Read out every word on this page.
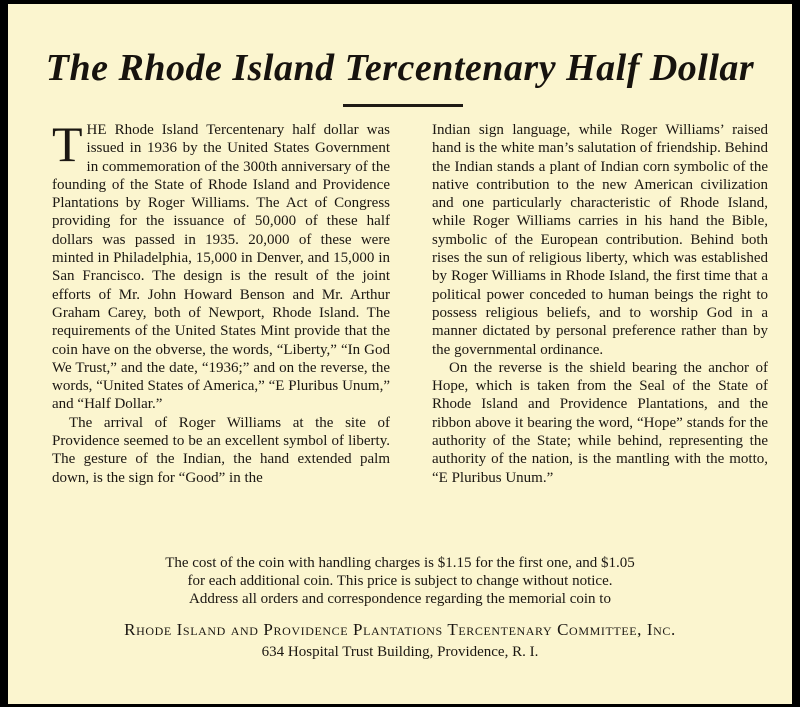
The Rhode Island Tercentenary Half Dollar

THE Rhode Island Tercentenary half dollar was issued in 1936 by the United States Government in commemoration of the 300th anniversary of the founding of the State of Rhode Island and Providence Plantations by Roger Williams. The Act of Congress providing for the issuance of 50,000 of these half dollars was passed in 1935. 20,000 of these were minted in Philadelphia, 15,000 in Denver, and 15,000 in San Francisco. The design is the result of the joint efforts of Mr. John Howard Benson and Mr. Arthur Graham Carey, both of Newport, Rhode Island. The requirements of the United States Mint provide that the coin have on the obverse, the words, “Liberty,” “In God We Trust,” and the date, “1936;” and on the reverse, the words, “United States of America,” “E Pluribus Unum,” and “Half Dollar.”

The arrival of Roger Williams at the site of Providence seemed to be an excellent symbol of liberty. The gesture of the Indian, the hand extended palm down, is the sign for “Good” in the

Indian sign language, while Roger Williams’ raised hand is the white man’s salutation of friendship. Behind the Indian stands a plant of Indian corn symbolic of the native contribution to the new American civilization and one particularly characteristic of Rhode Island, while Roger Williams carries in his hand the Bible, symbolic of the European contribution. Behind both rises the sun of religious liberty, which was established by Roger Williams in Rhode Island, the first time that a political power conceded to human beings the right to possess religious beliefs, and to worship God in a manner dictated by personal preference rather than by the governmental ordinance.

On the reverse is the shield bearing the anchor of Hope, which is taken from the Seal of the State of Rhode Island and Providence Plantations, and the ribbon above it bearing the word, “Hope” stands for the authority of the State; while behind, representing the authority of the nation, is the mantling with the motto, “E Pluribus Unum.”

The cost of the coin with handling charges is $1.15 for the first one, and $1.05
for each additional coin. This price is subject to change without notice.
Address all orders and correspondence regarding the memorial coin to
Rhode Island and Providence Plantations Tercentenary Committee, Inc.
634 Hospital Trust Building, Providence, R. I.
